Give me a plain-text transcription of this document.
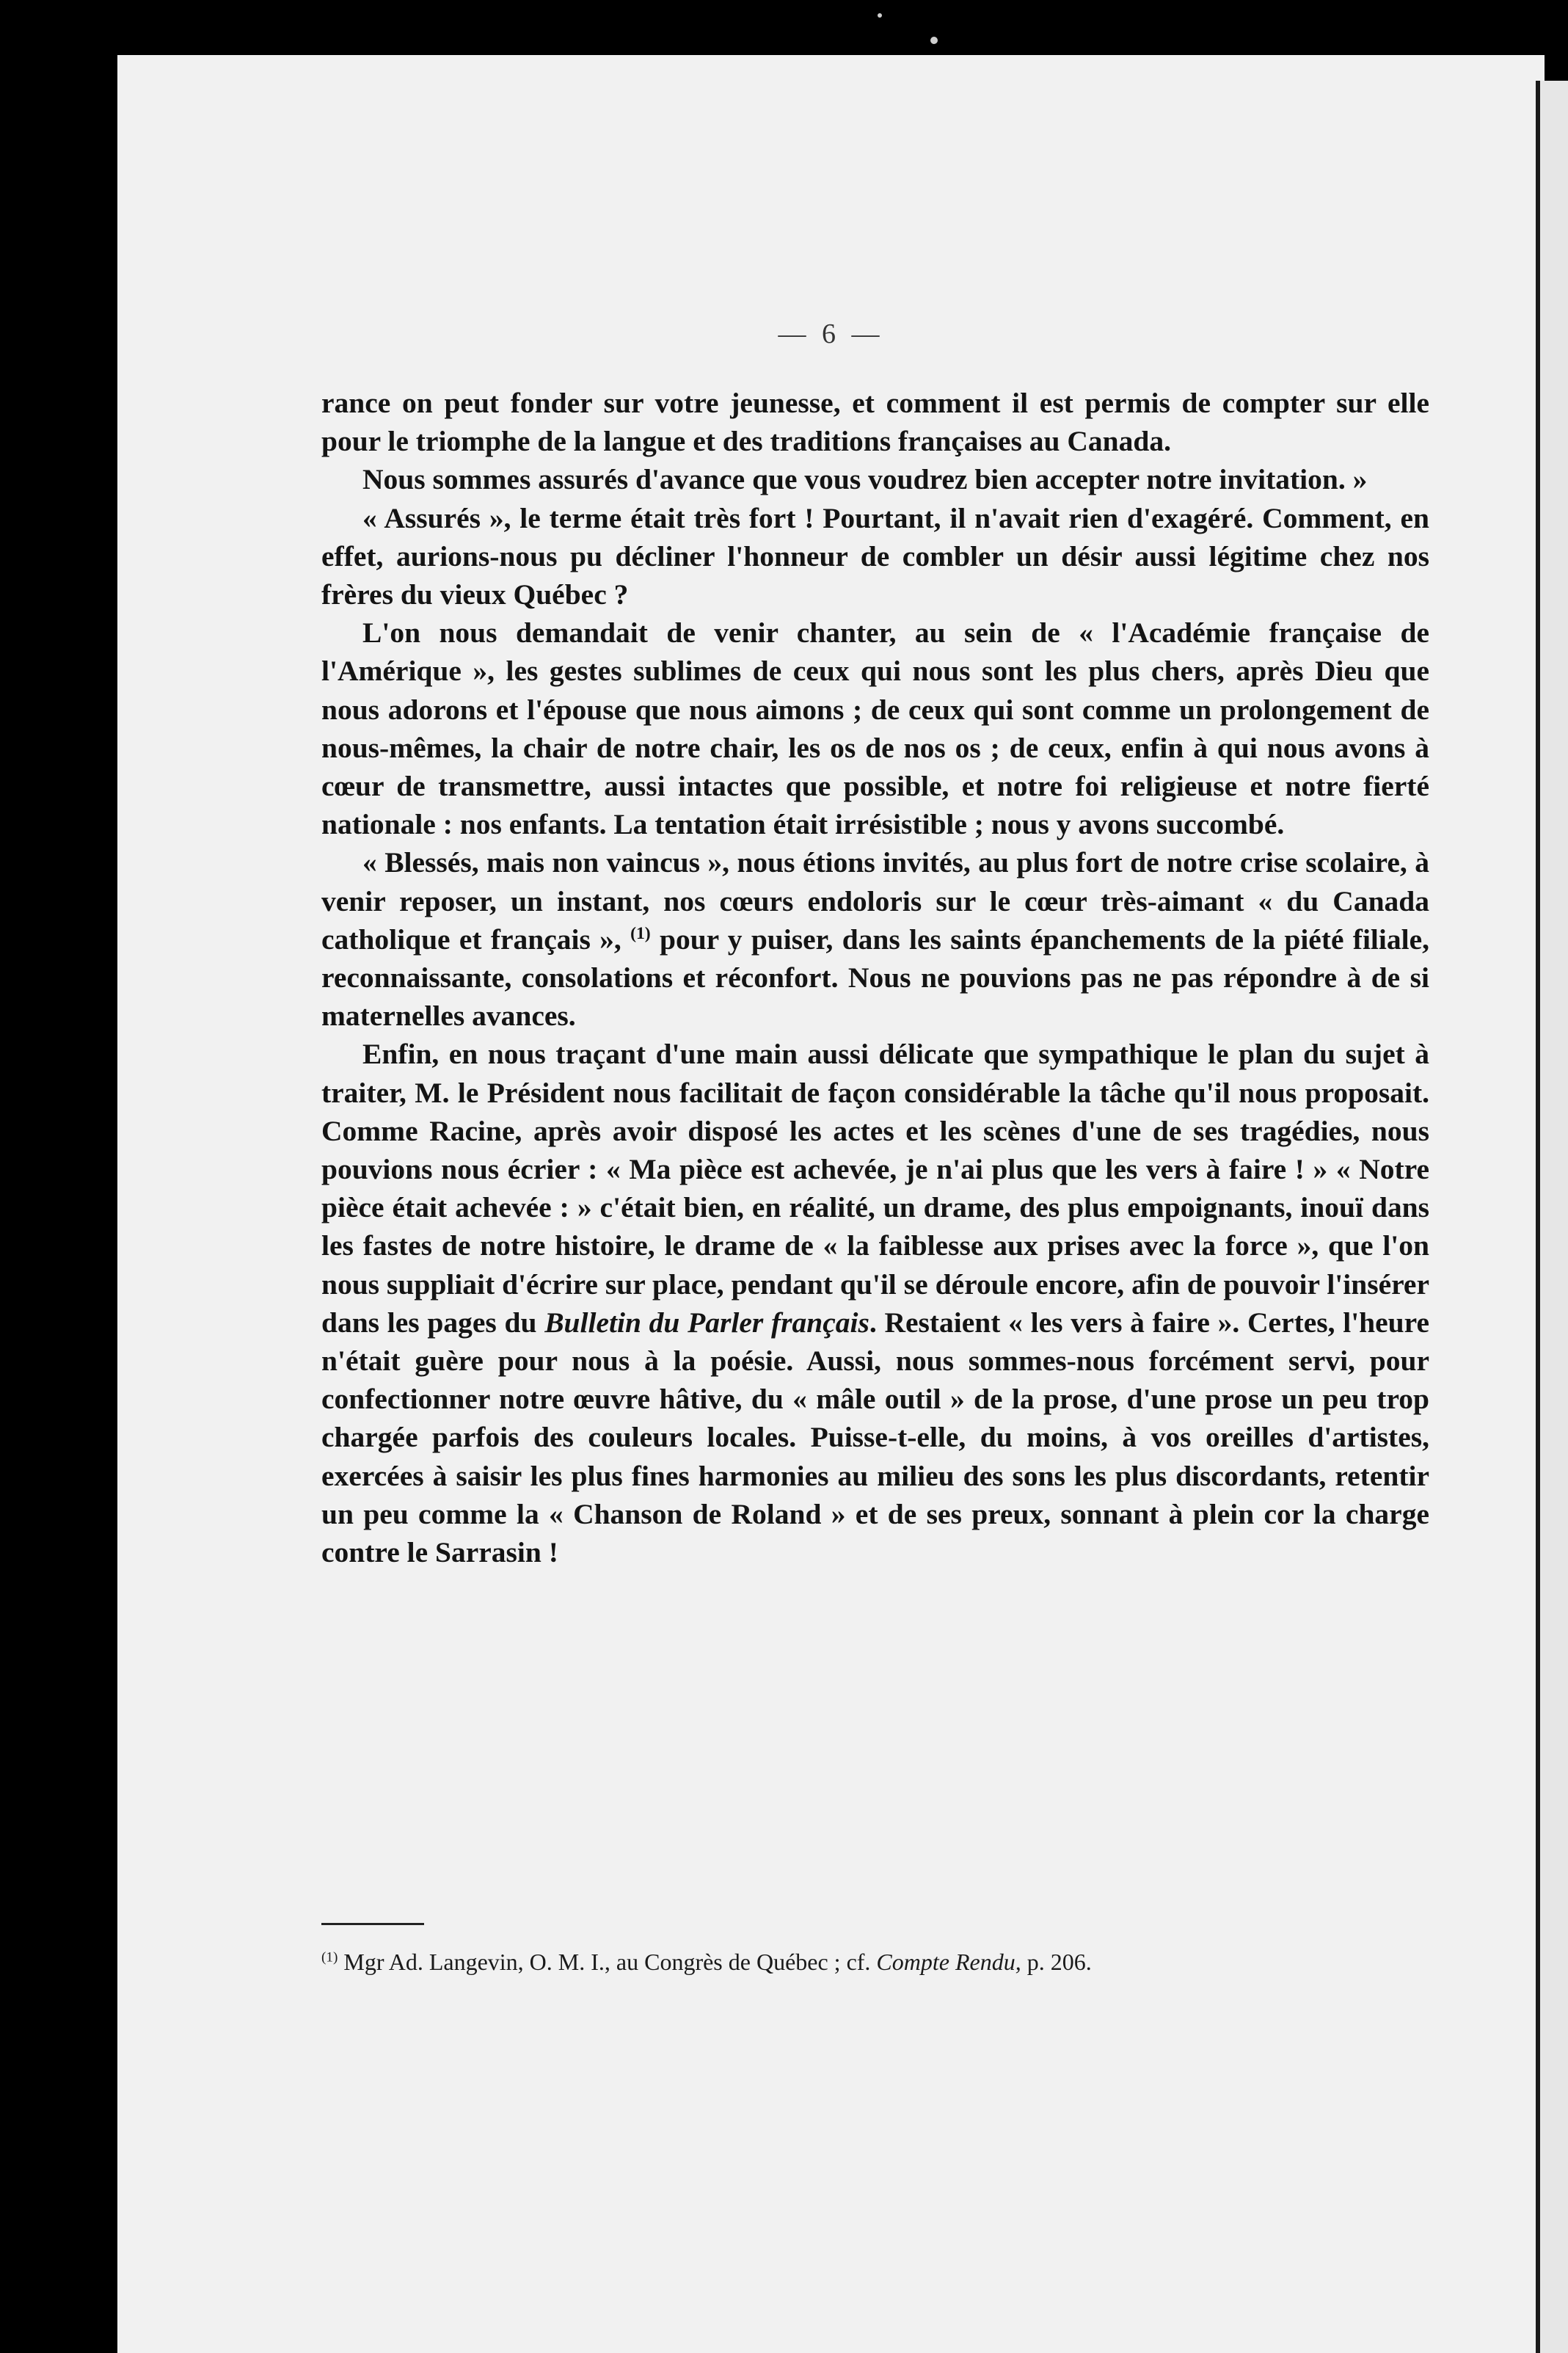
— 6 —

rance on peut fonder sur votre jeunesse, et comment il est permis de compter sur elle pour le triomphe de la langue et des traditions françaises au Canada.

Nous sommes assurés d'avance que vous voudrez bien accepter notre invitation. »

« Assurés », le terme était très fort ! Pourtant, il n'avait rien d'exagéré. Comment, en effet, aurions-nous pu décliner l'honneur de combler un désir aussi légitime chez nos frères du vieux Québec ?

L'on nous demandait de venir chanter, au sein de « l'Académie française de l'Amérique », les gestes sublimes de ceux qui nous sont les plus chers, après Dieu que nous adorons et l'épouse que nous aimons ; de ceux qui sont comme un prolongement de nous-mêmes, la chair de notre chair, les os de nos os ; de ceux, enfin à qui nous avons à cœur de transmettre, aussi intactes que possible, et notre foi religieuse et notre fierté nationale : nos enfants. La tentation était irrésistible ; nous y avons succombé.

« Blessés, mais non vaincus », nous étions invités, au plus fort de notre crise scolaire, à venir reposer, un instant, nos cœurs endoloris sur le cœur très-aimant « du Canada catholique et français », $^{(1)}$ pour y puiser, dans les saints épanchements de la piété filiale, reconnaissante, consolations et réconfort. Nous ne pouvions pas ne pas répondre à de si maternelles avances.

Enfin, en nous traçant d'une main aussi délicate que sympathique le plan du sujet à traiter, M. le Président nous facilitait de façon considérable la tâche qu'il nous proposait. Comme Racine, après avoir disposé les actes et les scènes d'une de ses tragédies, nous pouvions nous écrier : « Ma pièce est achevée, je n'ai plus que les vers à faire ! » « Notre pièce était achevée : » c'était bien, en réalité, un drame, des plus empoignants, inouï dans les fastes de notre histoire, le drame de « la faiblesse aux prises avec la force », que l'on nous suppliait d'écrire sur place, pendant qu'il se déroule encore, afin de pouvoir l'insérer dans les pages du Bulletin du Parler français. Restaient « les vers à faire ». Certes, l'heure n'était guère pour nous à la poésie. Aussi, nous sommes-nous forcément servi, pour confectionner notre œuvre hâtive, du « mâle outil » de la prose, d'une prose un peu trop chargée parfois des couleurs locales. Puisse-t-elle, du moins, à vos oreilles d'artistes, exercées à saisir les plus fines harmonies au milieu des sons les plus discordants, retentir un peu comme la « Chanson de Roland » et de ses preux, sonnant à plein cor la charge contre le Sarrasin !

$^{(1)}$ Mgr Ad. Langevin, O. M. I., au Congrès de Québec ; cf. Compte Rendu, p. 206.
